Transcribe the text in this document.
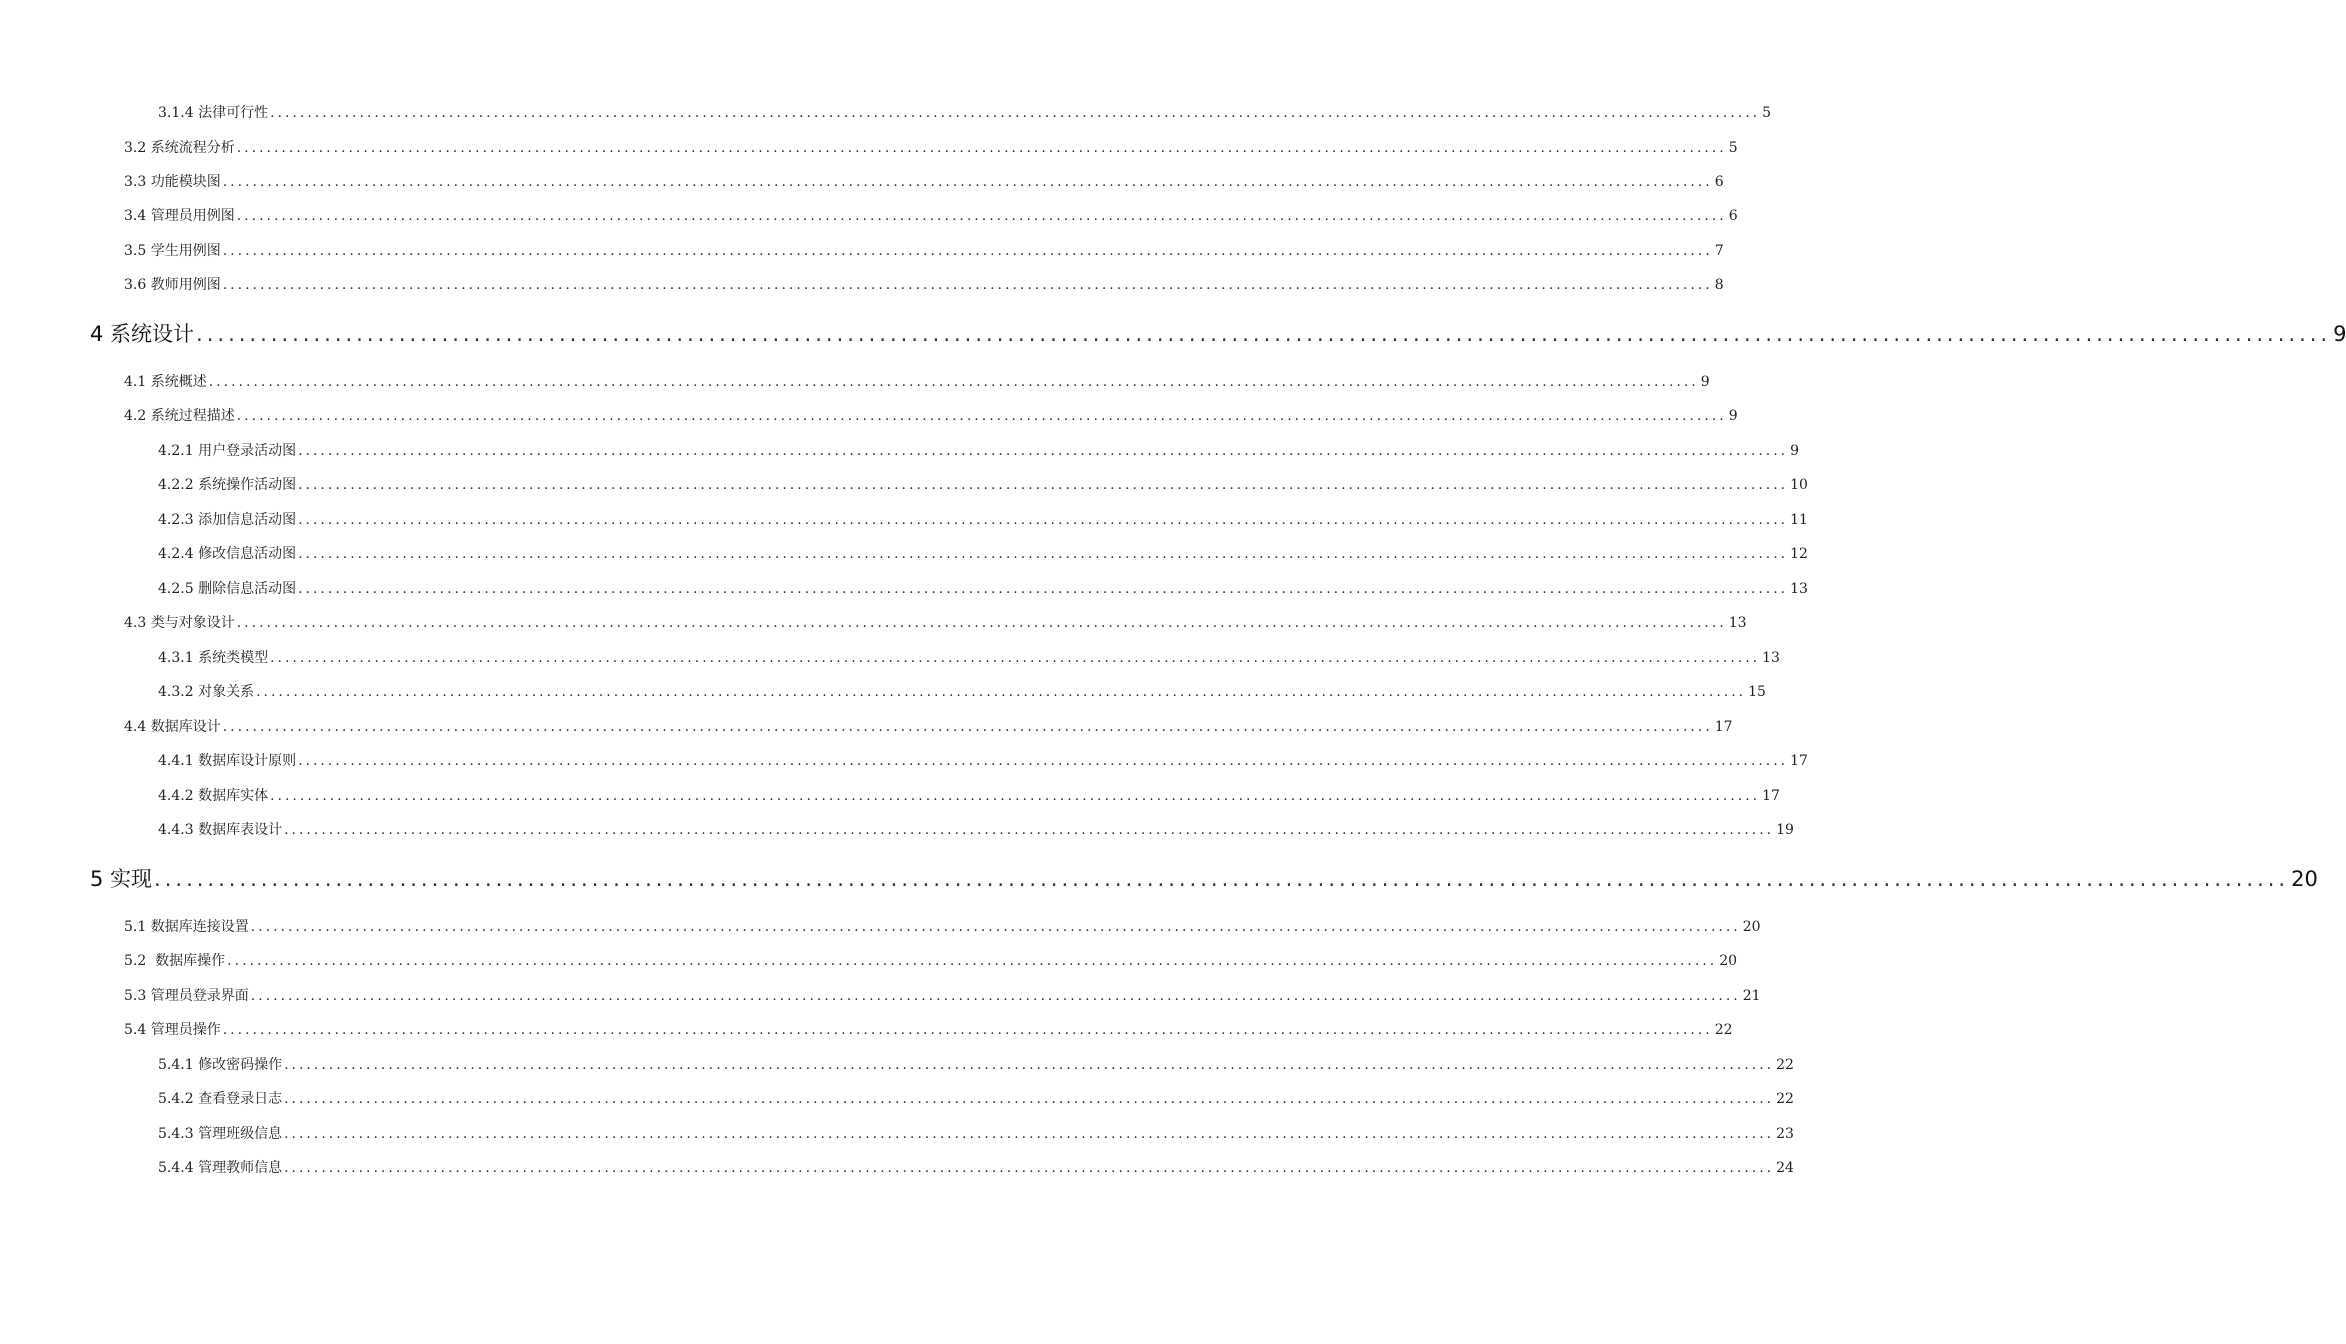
3.1.4 法律可行性 ........................................................................................................................................................................................................ 5
3.2 系统流程分析 ........................................................................................................................................................................................................ 5
3.3 功能模块图 ........................................................................................................................................................................................................ 6
3.4 管理员用例图 ........................................................................................................................................................................................................ 6
3.5 学生用例图 ........................................................................................................................................................................................................ 7
3.6 教师用例图 ........................................................................................................................................................................................................ 8
4 系统设计 ........................................................................................................................................................................................................ 9
4.1 系统概述 ........................................................................................................................................................................................................ 9
4.2 系统过程描述 ........................................................................................................................................................................................................ 9
4.2.1 用户登录活动图 ........................................................................................................................................................................................................ 9
4.2.2 系统操作活动图 ........................................................................................................................................................................................................ 10
4.2.3 添加信息活动图 ........................................................................................................................................................................................................ 11
4.2.4 修改信息活动图 ........................................................................................................................................................................................................ 12
4.2.5 删除信息活动图 ........................................................................................................................................................................................................ 13
4.3 类与对象设计 ........................................................................................................................................................................................................ 13
4.3.1 系统类模型 ........................................................................................................................................................................................................ 13
4.3.2 对象关系 ........................................................................................................................................................................................................ 15
4.4 数据库设计 ........................................................................................................................................................................................................ 17
4.4.1 数据库设计原则 ........................................................................................................................................................................................................ 17
4.4.2 数据库实体 ........................................................................................................................................................................................................ 17
4.4.3 数据库表设计 ........................................................................................................................................................................................................ 19
5 实现 ........................................................................................................................................................................................................ 20
5.1 数据库连接设置 ........................................................................................................................................................................................................ 20
5.2  数据库操作 ........................................................................................................................................................................................................ 20
5.3 管理员登录界面 ........................................................................................................................................................................................................ 21
5.4 管理员操作 ........................................................................................................................................................................................................ 22
5.4.1 修改密码操作 ........................................................................................................................................................................................................ 22
5.4.2 查看登录日志 ........................................................................................................................................................................................................ 22
5.4.3 管理班级信息 ........................................................................................................................................................................................................ 23
5.4.4 管理教师信息 ........................................................................................................................................................................................................ 24
